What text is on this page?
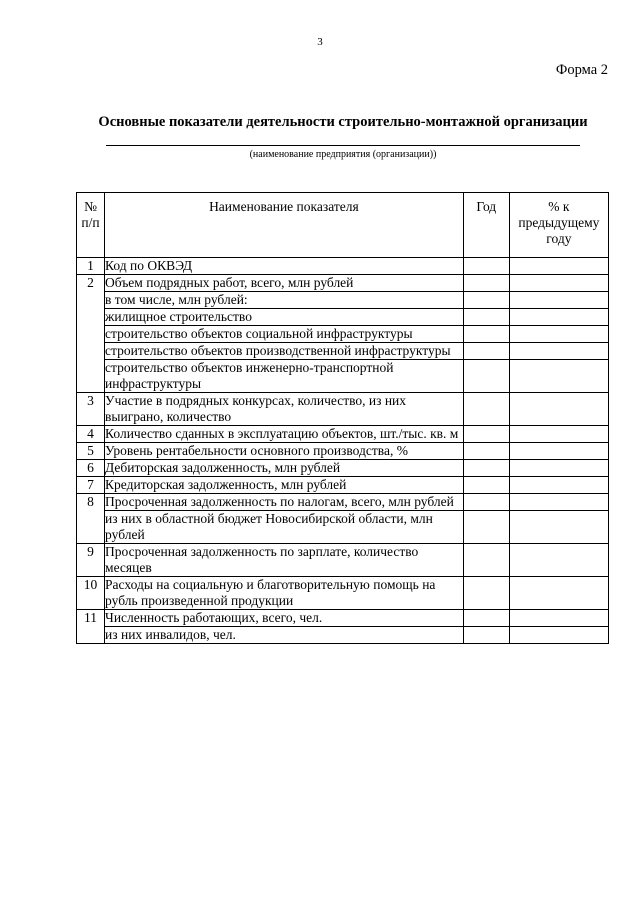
3
Форма 2
Основные показатели деятельности строительно-монтажной организации
(наименование предприятия (организации))
№ п/п	Наименование показателя	Год	% к предыдущему году
1	Код по ОКВЭД		
2	Объем подрядных работ, всего, млн рублей		
	в том числе, млн рублей:		
	жилищное строительство		
	строительство объектов социальной инфраструктуры		
	строительство объектов производственной инфраструктуры		
	строительство объектов инженерно-транспортной инфраструктуры		
3	Участие в подрядных конкурсах, количество, из них выиграно, количество		
4	Количество сданных в эксплуатацию объектов, шт./тыс. кв. м		
5	Уровень рентабельности основного производства, %		
6	Дебиторская задолженность, млн рублей		
7	Кредиторская задолженность, млн рублей		
8	Просроченная задолженность по налогам, всего, млн рублей		
	из них в областной бюджет Новосибирской области, млн рублей		
9	Просроченная задолженность по зарплате, количество месяцев		
10	Расходы на социальную и благотворительную помощь на рубль произведенной продукции		
11	Численность работающих, всего, чел.		
	из них инвалидов, чел.		
